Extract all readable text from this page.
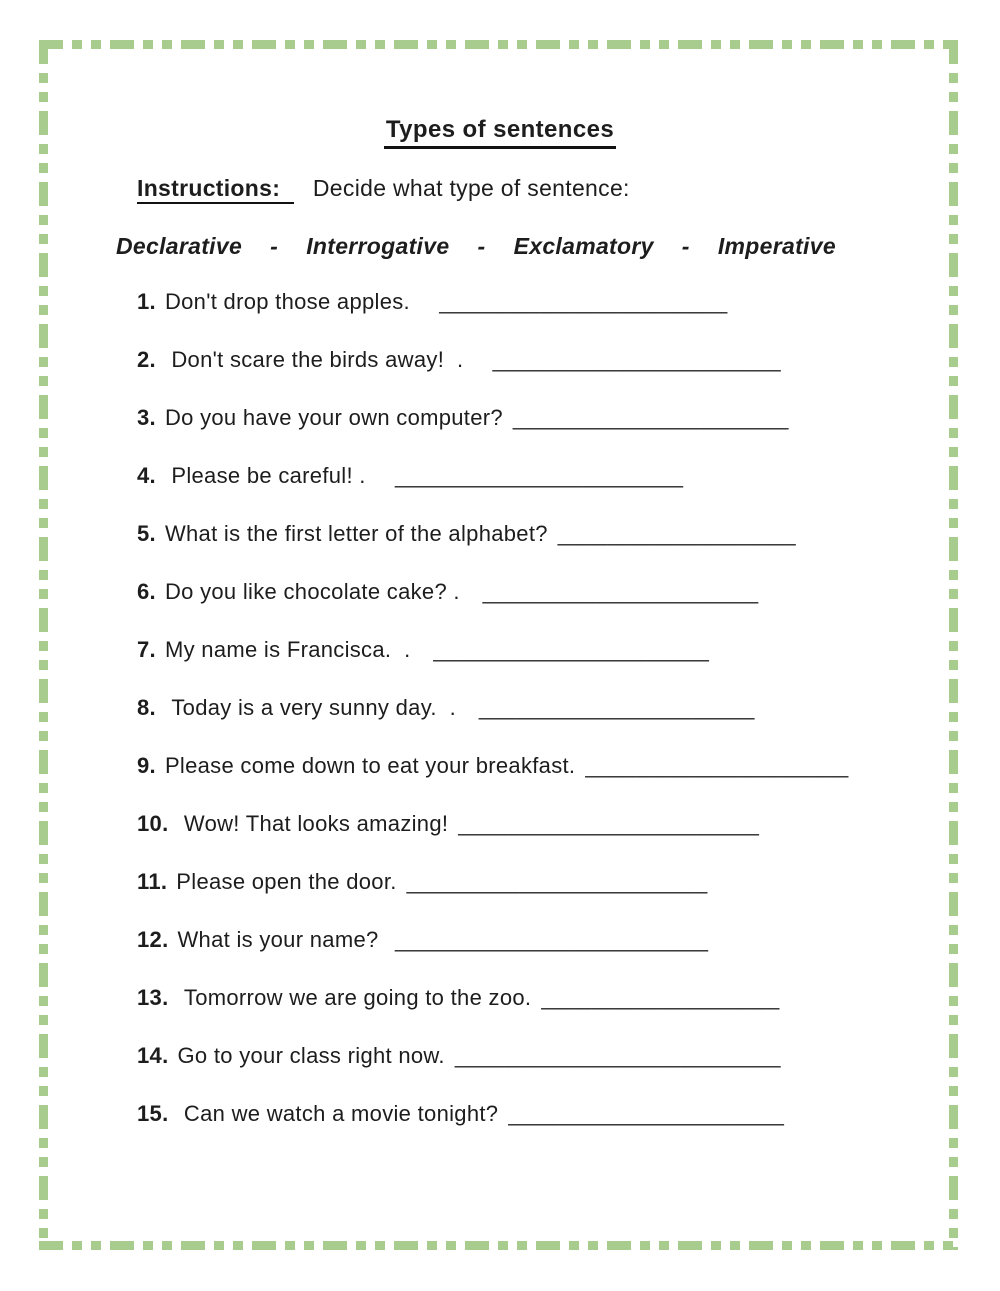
Types of sentences
Instructions: Decide what type of sentence:
Declarative - Interrogative - Exclamatory - Imperative
1. Don't drop those apples.   _______________________
2. Don't scare the birds away!  .   _______________________
3. Do you have your own computer? ______________________
4. Please be careful! .   _______________________
5. What is the first letter of the alphabet? ___________________
6. Do you like chocolate cake? .  ______________________
7. My name is Francisca.  .  ______________________
8. Today is a very sunny day.  .  ______________________
9. Please come down to eat your breakfast. _____________________
10. Wow! That looks amazing! ________________________
11. Please open the door. ________________________
12. What is your name? _________________________
13. Tomorrow we are going to the zoo. ___________________
14. Go to your class right now. __________________________
15. Can we watch a movie tonight? ______________________
